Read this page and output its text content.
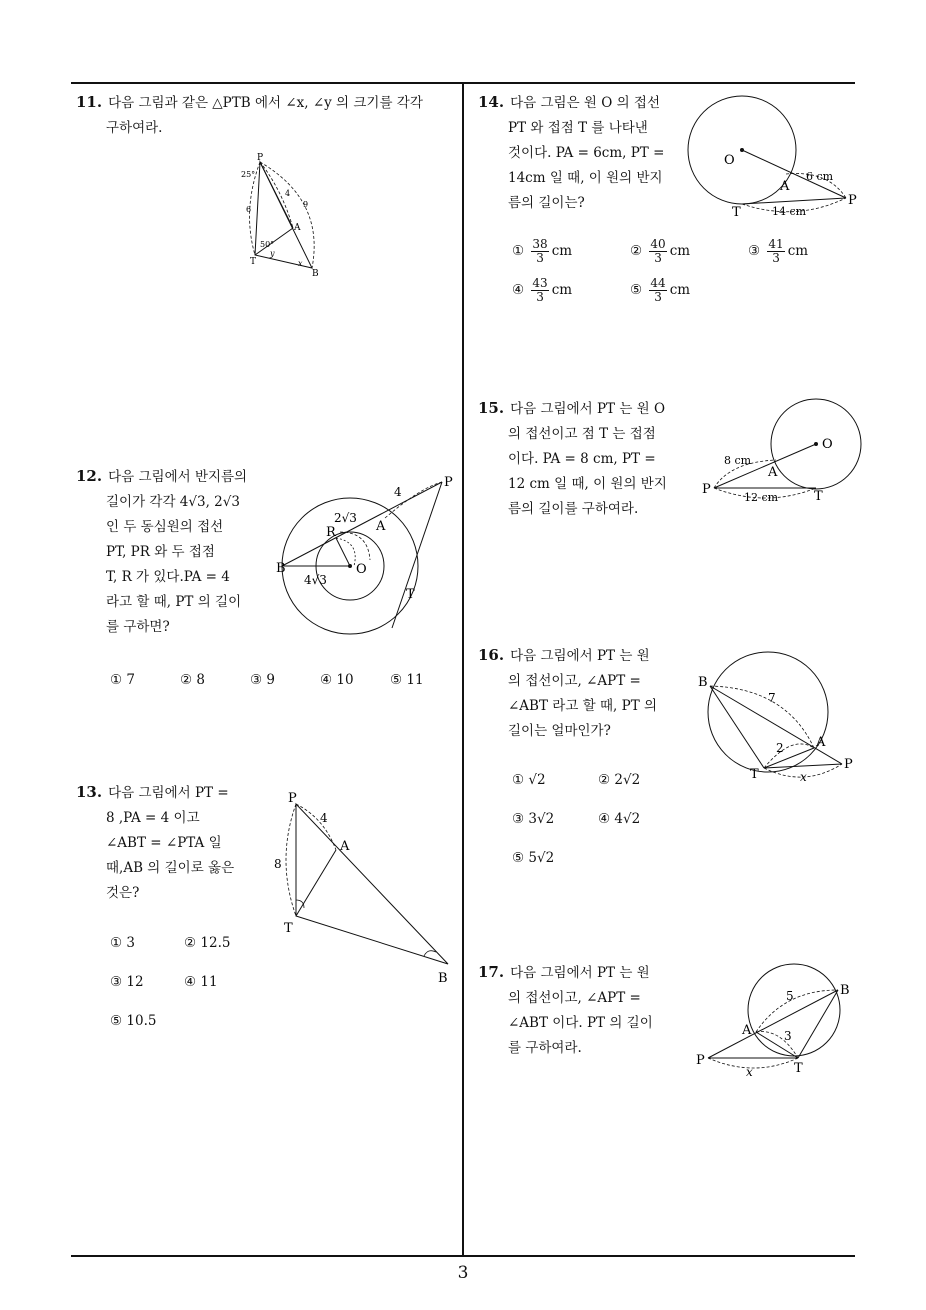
11. 다음 그림과 같은 △PTB 에서 ∠x, ∠y 의 크기를 각각
구하여라.
P
T
B
A
25°
50°
6
4
9
y
x
12. 다음 그림에서 반지름의
길이가 각각 4√3, 2√3
인 두 동심원의 접선
PT, PR 와 두 접점
T, R 가 있다.PA = 4
라고 할 때, PT 의 길이
를 구하면?
P
A
R
B	O
T
4
2√3
4√3
① 7	② 8	③ 9	④ 10	⑤ 11
13. 다음 그림에서 PT =
8 ,PA = 4 이고
∠ABT = ∠PTA 일
때,AB 의 길이로 옳은
것은?
P
A
T
B
4
8
① 3	② 12.5
③ 12	④ 11
⑤ 10.5
14. 다음 그림은 원 O 의 접선
PT 와 접점 T 를 나타낸
것이다. PA = 6cm, PT =
14cm 일 때, 이 원의 반지
름의 길이는?
O
A
T
P
6 cm
14 cm
① $\frac{38}{3}$ cm	② $\frac{40}{3}$ cm	③ $\frac{41}{3}$ cm
④ $\frac{43}{3}$ cm	⑤ $\frac{44}{3}$ cm
15. 다음 그림에서 PT 는 원 O
의 접선이고 점 T 는 접점
이다. PA = 8 cm, PT =
12 cm 일 때, 이 원의 반지
름의 길이를 구하여라.
O
A
P	T
8 cm
12 cm
16. 다음 그림에서 PT 는 원
의 접선이고, ∠APT =
∠ABT 라고 할 때, PT 의
길이는 얼마인가?
B
A
P
T
7
2
x
① √2	② 2√2
③ 3√2	④ 4√2
⑤ 5√2
17. 다음 그림에서 PT 는 원
의 접선이고, ∠APT =
∠ABT 이다. PT 의 길이
를 구하여라.
B
A
P
T
5
3
x
3
